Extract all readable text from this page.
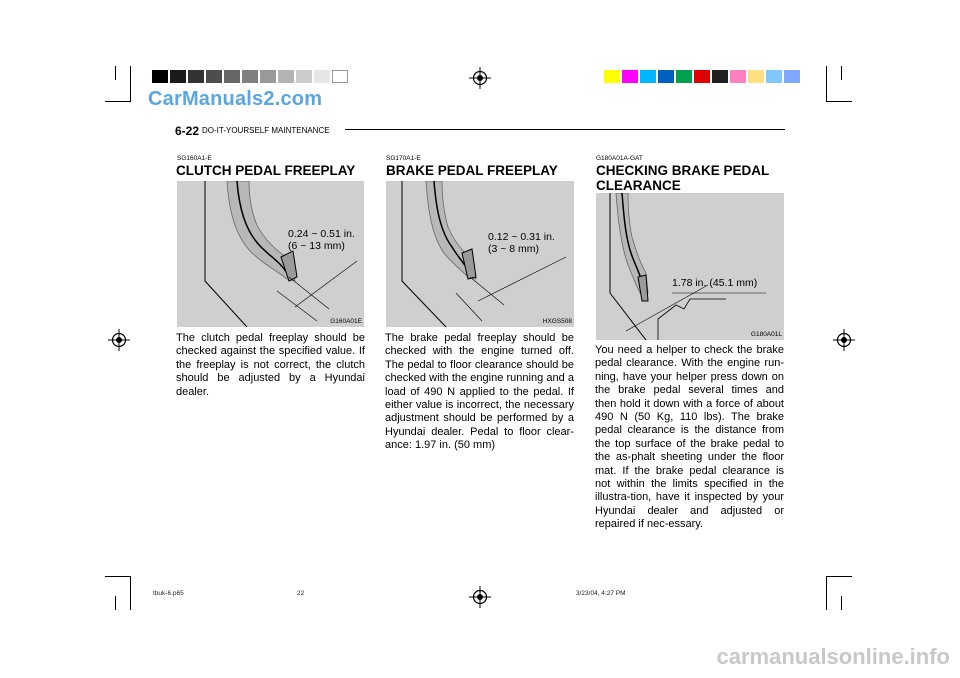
CarManuals2.com
carmanualsonline.info
6-22 DO-IT-YOURSELF MAINTENANCE
SG160A1-E
CLUTCH PEDAL FREEPLAY
0.24 ~ 0.51 in.
(6 ~ 13 mm)
G160A01E
The clutch pedal freeplay should be checked against the specified value. If the freeplay is not correct, the clutch should be adjusted by a Hyundai dealer.
SG170A1-E
BRAKE PEDAL FREEPLAY
0.12 ~ 0.31 in.
(3 ~ 8 mm)
HXGS508
The brake pedal freeplay should be checked with the engine turned off. The pedal to floor clearance should be checked with the engine running and a load of 490 N applied to the pedal. If either value is incorrect, the necessary adjustment should be performed by a Hyundai dealer. Pedal to floor clear-ance: 1.97 in. (50 mm)
G180A01A-GAT
CHECKING BRAKE PEDAL
CLEARANCE
1.78 in. (45.1 mm)
G180A01L
You need a helper to check the brake pedal clearance. With the engine run-ning, have your helper press down on the brake pedal several times and then hold it down with a force of about 490 N (50 Kg, 110 lbs). The brake pedal clearance is the distance from the top surface of the brake pedal to the as-phalt sheeting under the floor mat. If the brake pedal clearance is not within the limits specified in the illustra-tion, have it inspected by your Hyundai dealer and adjusted or repaired if nec-essary.
tbuk-6.p65	22	3/23/04, 4:27 PM
